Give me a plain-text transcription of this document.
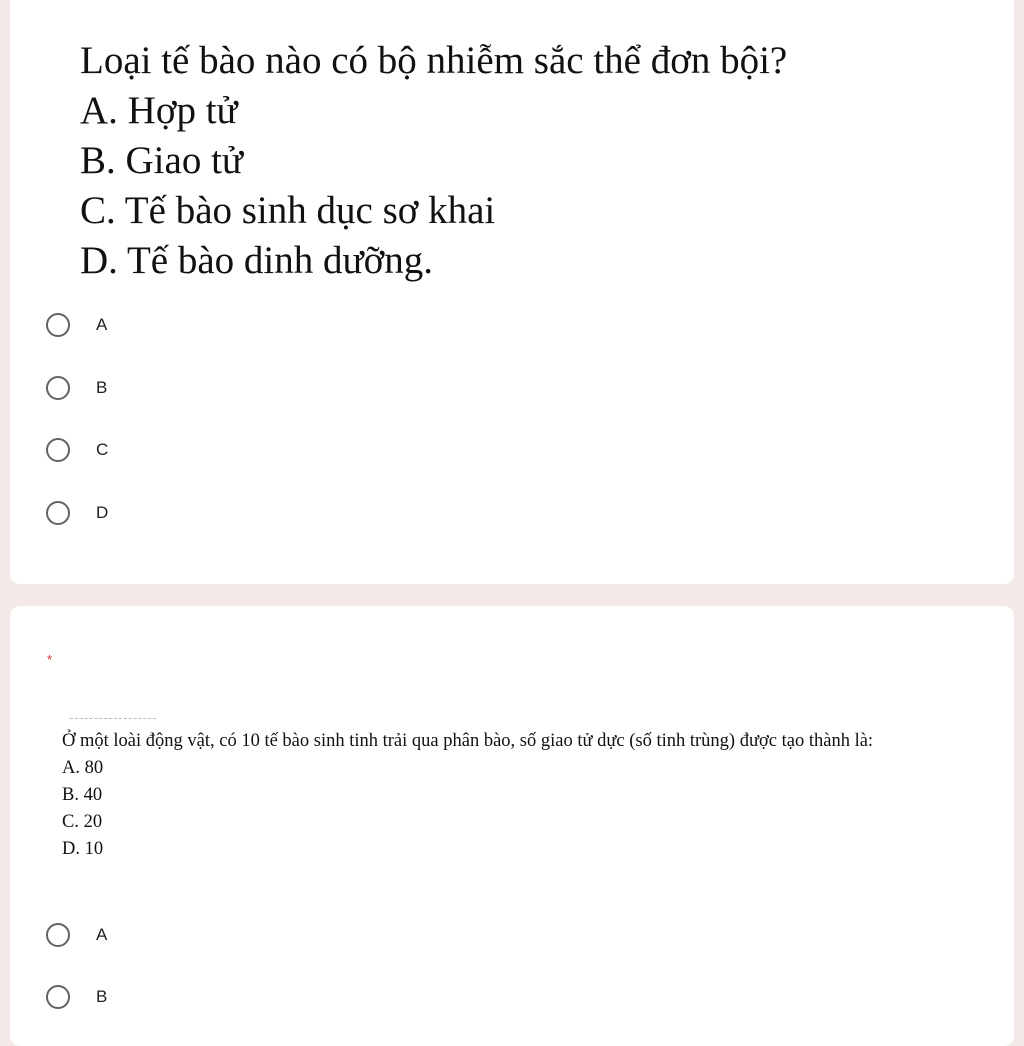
Loại tế bào nào có bộ nhiễm sắc thể đơn bội?
A. Hợp tử
B. Giao tử
C. Tế bào sinh dục sơ khai
D. Tế bào dinh dưỡng.
A
B
C
D
*
Ở một loài động vật, có 10 tế bào sinh tinh trải qua phân bào, số giao tử dực (số tinh trùng) được tạo thành là:
A. 80
B. 40
C. 20
D. 10
A
B
